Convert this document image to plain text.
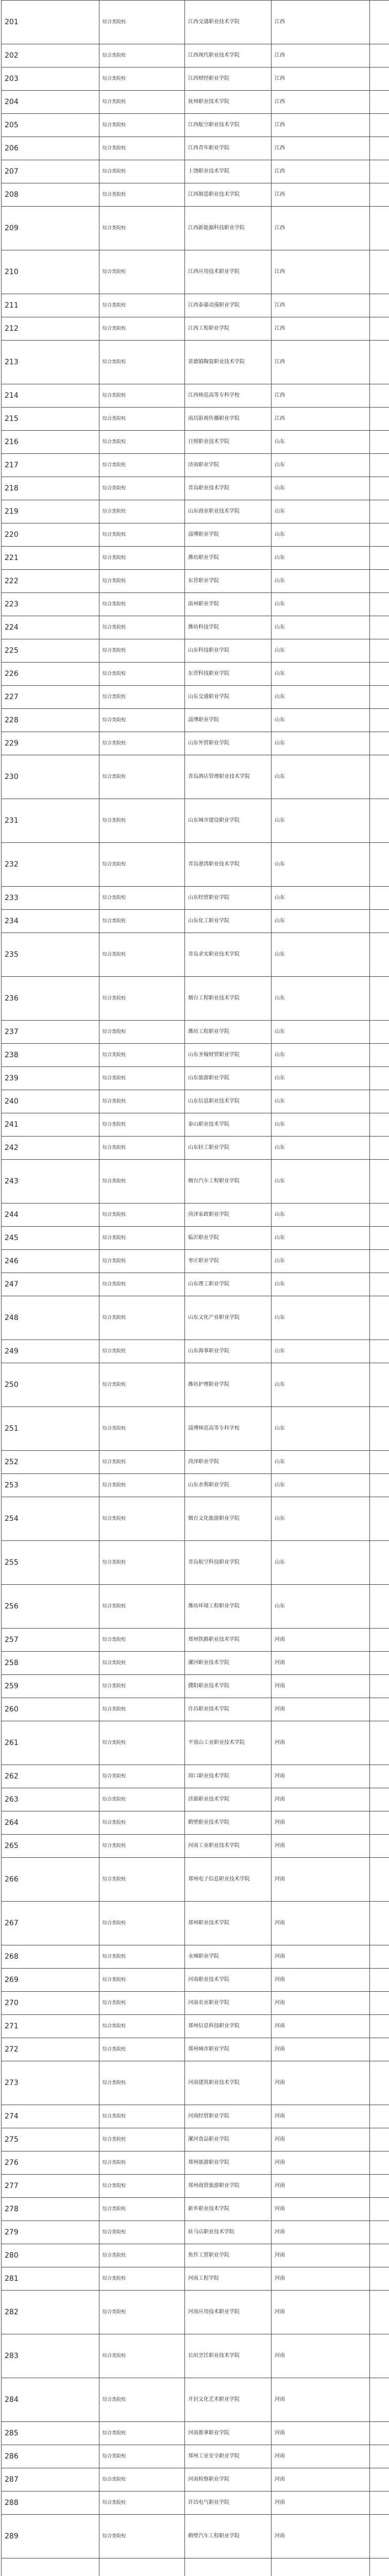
201	综合类院校	江西交通职业技术学院	江西	
202	综合类院校	江西现代职业技术学院	江西	
203	综合类院校	江西财经职业学院	江西	
204	综合类院校	抚州职业技术学院	江西	
205	综合类院校	江西航空职业技术学院	江西	
206	综合类院校	江西青年职业学院	江西	
207	综合类院校	上饶职业技术学院	江西	
208	综合类院校	江西制造职业技术学院	江西	
209	综合类院校	江西新能源科技职业学院	江西	
210	综合类院校	江西应用技术职业学院	江西	
211	综合类院校	江西泰豪动漫职业学院	江西	
212	综合类院校	江西工程职业学院	江西	
213	综合类院校	景德镇陶瓷职业技术学院	江西	
214	综合类院校	江西师范高等专科学校	江西	
215	综合类院校	南昌影视传播职业学院	江西	
216	综合类院校	日照职业技术学院	山东	
217	综合类院校	济南职业学院	山东	
218	综合类院校	青岛职业技术学院	山东	
219	综合类院校	山东商业职业技术学院	山东	
220	综合类院校	淄博职业学院	山东	
221	综合类院校	潍坊职业学院	山东	
222	综合类院校	东营职业学院	山东	
223	综合类院校	滨州职业学院	山东	
224	综合类院校	潍坊科技学院	山东	
225	综合类院校	山东科技职业学院	山东	
226	综合类院校	东营科技职业学院	山东	
227	综合类院校	山东交通职业学院	山东	
228	综合类院校	淄博职业学院	山东	
229	综合类院校	山东外贸职业学院	山东	
230	综合类院校	青岛酒店管理职业技术学院	山东	
231	综合类院校	山东城市建设职业学院	山东	
232	综合类院校	青岛港湾职业技术学院	山东	
233	综合类院校	山东经贸职业学院	山东	
234	综合类院校	山东化工职业学院	山东	
235	综合类院校	青岛求实职业技术学院	山东	
236	综合类院校	烟台工程职业技术学院	山东	
237	综合类院校	潍坊工程职业学院	山东	
238	综合类院校	山东圣翰财贸职业学院	山东	
239	综合类院校	山东旅游职业学院	山东	
240	综合类院校	山东信息职业技术学院	山东	
241	综合类院校	泰山职业技术学院	山东	
242	综合类院校	山东轻工职业学院	山东	
243	综合类院校	烟台汽车工程职业学院	山东	
244	综合类院校	菏泽家政职业学院	山东	
245	综合类院校	临沂职业学院	山东	
246	综合类院校	枣庄职业学院	山东	
247	综合类院校	山东理工职业学院	山东	
248	综合类院校	山东文化产业职业学院	山东	
249	综合类院校	山东海事职业学院	山东	
250	综合类院校	潍坊护理职业学院	山东	
251	综合类院校	淄博师范高等专科学校	山东	
252	综合类院校	菏泽职业学院	山东	
253	综合类院校	山东水利职业学院	山东	
254	综合类院校	烟台文化旅游职业学院	山东	
255	综合类院校	青岛航空科技职业学院	山东	
256	综合类院校	潍坊环境工程职业学院	山东	
257	综合类院校	郑州铁路职业技术学院	河南	
258	综合类院校	漯河职业技术学院	河南	
259	综合类院校	濮阳职业技术学院	河南	
260	综合类院校	许昌职业技术学院	河南	
261	综合类院校	平顶山工业职业技术学院	河南	
262	综合类院校	周口职业技术学院	河南	
263	综合类院校	济源职业技术学院	河南	
264	综合类院校	鹤壁职业技术学院	河南	
265	综合类院校	河南工业职业技术学院	河南	
266	综合类院校	郑州电子信息职业技术学院	河南	
267	综合类院校	郑州职业技术学院	河南	
268	综合类院校	永城职业学院	河南	
269	综合类院校	河南职业技术学院	河南	
270	综合类院校	河南农业职业学院	河南	
271	综合类院校	郑州信息科技职业学院	河南	
272	综合类院校	郑州城市职业学院	河南	
273	综合类院校	河南建筑职业技术学院	河南	
274	综合类院校	河南经贸职业学院	河南	
275	综合类院校	漯河食品职业学院	河南	
276	综合类院校	郑州旅游职业学院	河南	
277	综合类院校	郑州商贸旅游职业学院	河南	
278	综合类院校	新乡职业技术学院	河南	
279	综合类院校	驻马店职业技术学院	河南	
280	综合类院校	焦作工贸职业学院	河南	
281	综合类院校	河南工程学院	河南	
282	综合类院校	河南应用技术职业学院	河南	
283	综合类院校	长垣烹饪职业技术学院	河南	
284	综合类院校	开封文化艺术职业学院	河南	
285	综合类院校	河南推拿职业学院	河南	
286	综合类院校	郑州工业安全职业学院	河南	
287	综合类院校	河南检察职业学院	河南	
288	综合类院校	许昌电气职业学院	河南	
289	综合类院校	鹤壁汽车工程职业学院	河南	
